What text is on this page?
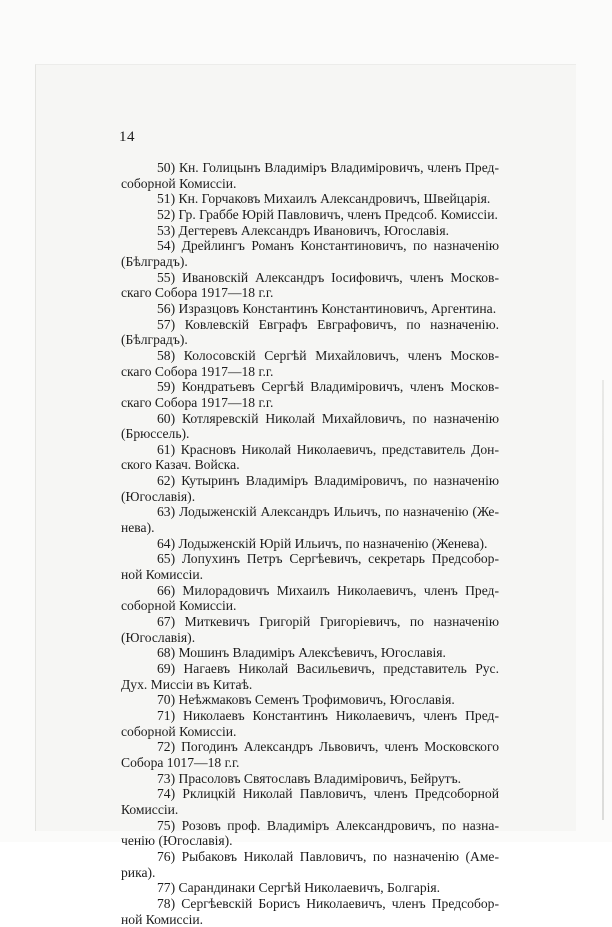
14
50) Кн. Голицынъ Владиміръ Владиміровичъ, членъ Пред-
соборной Комиссіи.
51) Кн. Горчаковъ Михаилъ Александровичъ, Швейцарія.
52) Гр. Граббе Юрій Павловичъ, членъ Предсоб. Комиссіи.
53) Дегтеревъ Александръ Ивановичъ, Югославія.
54) Дрейлингъ Романъ Константиновичъ, по назначенію
(Бѣлградъ).
55) Ивановскій Александръ Іосифовичъ, членъ Москов-
скаго Собора 1917—18 г.г.
56) Изразцовъ Константинъ Константиновичъ, Аргентина.
57) Ковлевскій Евграфъ Евграфовичъ, по назначенію.
(Бѣлградъ).
58) Колосовскій Сергѣй Михайловичъ, членъ Москов-
скаго Собора 1917—18 г.г.
59) Кондратьевъ Сергѣй Владиміровичъ, членъ Москов-
скаго Собора 1917—18 г.г.
60) Котляревскій Николай Михайловичъ, по назначенію
(Брюссель).
61) Красновъ Николай Николаевичъ, представитель Дон-
ского Казач. Войска.
62) Кутыринъ Владиміръ Владиміровичъ, по назначенію
(Югославія).
63) Лодыженскій Александръ Ильичъ, по назначенію (Же-
нева).
64) Лодыженскій Юрій Ильичъ, по назначенію (Женева).
65) Лопухинъ Петръ Сергѣевичъ, секретарь Предсобор-
ной Комиссіи.
66) Милорадовичъ Михаилъ Николаевичъ, членъ Пред-
соборной Комиссіи.
67) Миткевичъ Григорій Григоріевичъ, по назначенію
(Югославія).
68) Мошинъ Владиміръ Алексѣевичъ, Югославія.
69) Нагаевъ Николай Васильевичъ, представитель Рус.
Дух. Миссіи въ Китаѣ.
70) Неѣжмаковъ Семенъ Трофимовичъ, Югославія.
71) Николаевъ Константинъ Николаевичъ, членъ Пред-
соборной Комиссіи.
72) Погодинъ Александръ Львовичъ, членъ Московского
Собора 1017—18 г.г.
73) Прасоловъ Святославъ Владиміровичъ, Бейрутъ.
74) Рклицкій Николай Павловичъ, членъ Предсоборной
Комиссіи.
75) Розовъ проф. Владиміръ Александровичъ, по назна-
ченію (Югославія).
76) Рыбаковъ Николай Павловичъ, по назначенію (Аме-
рика).
77) Сарандинаки Сергѣй Николаевичъ, Болгарія.
78) Сергѣевскій Борисъ Николаевичъ, членъ Предсобор-
ной Комиссіи.
